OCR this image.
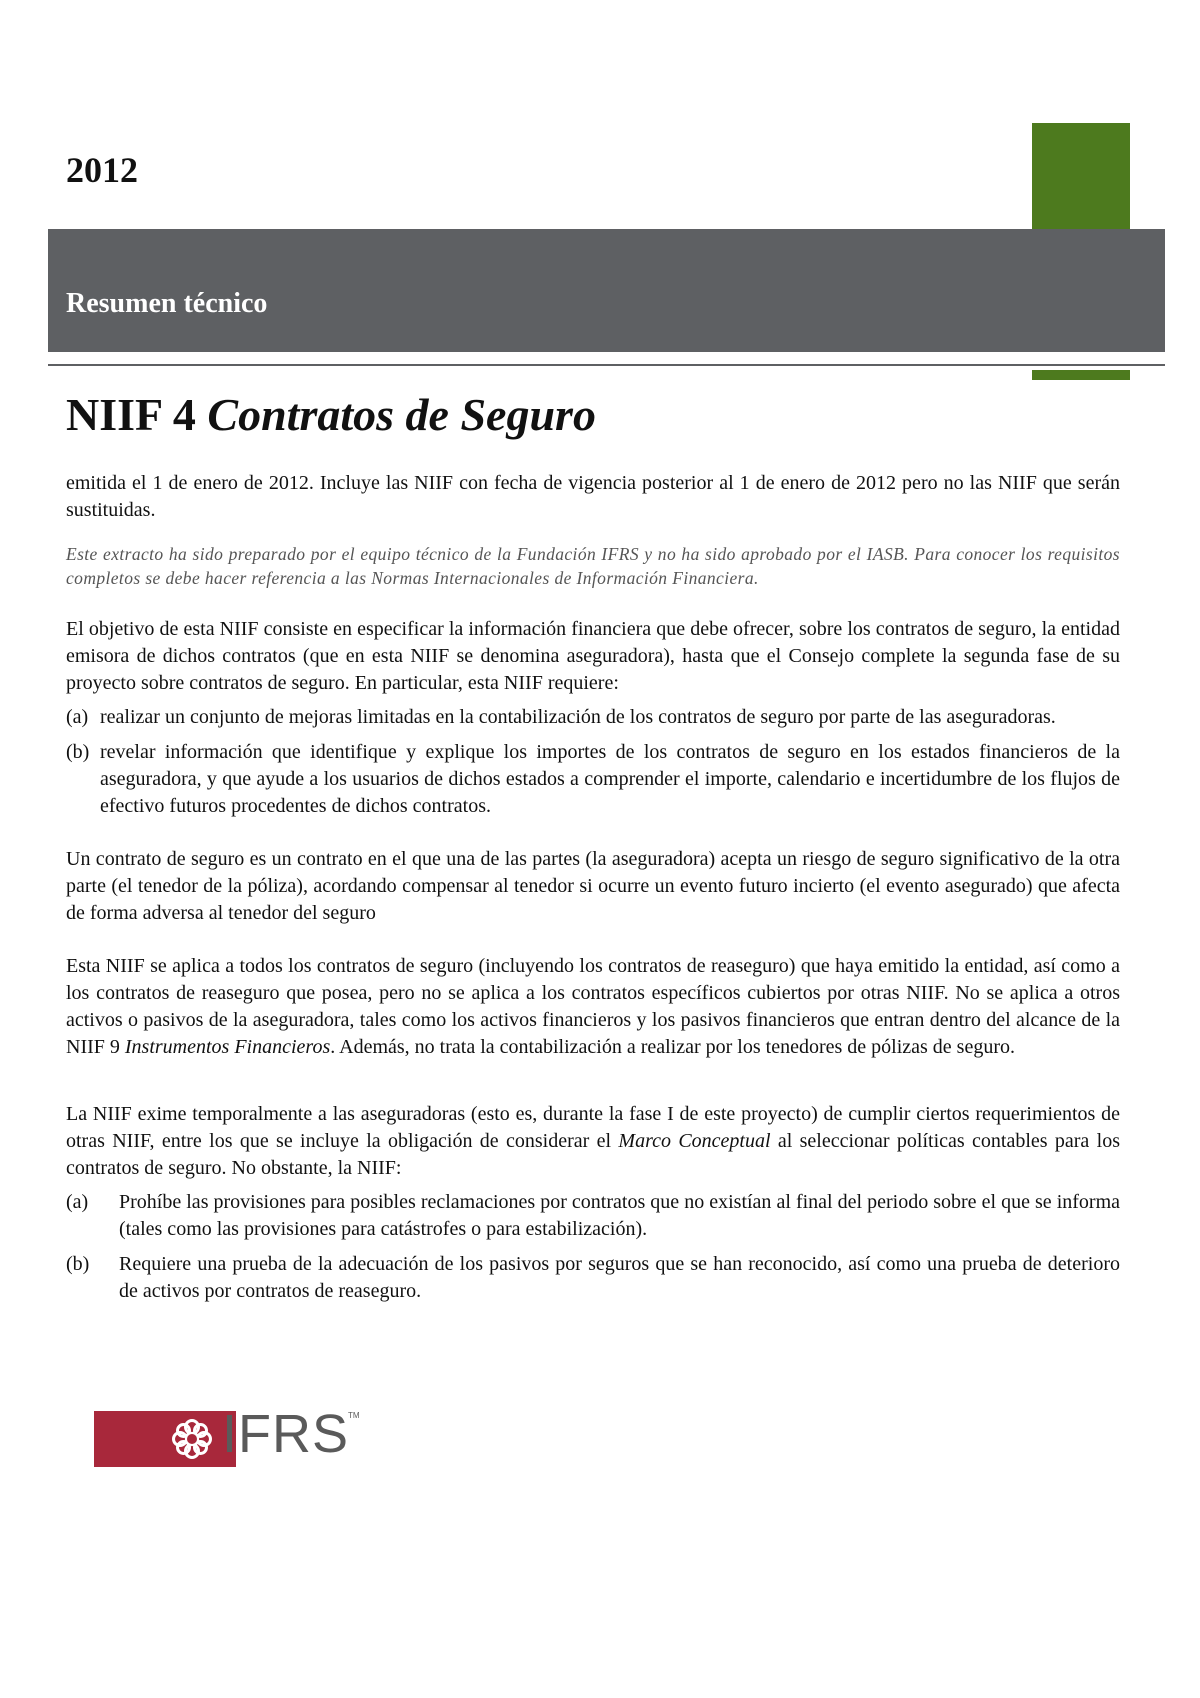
2012
Resumen técnico
NIIF 4 Contratos de Seguro

emitida el 1 de enero de 2012. Incluye las NIIF con fecha de vigencia posterior al 1 de enero de 2012 pero no las NIIF que serán sustituidas.

Este extracto ha sido preparado por el equipo técnico de la Fundación IFRS y no ha sido aprobado por el IASB. Para conocer los requisitos completos se debe hacer referencia a las Normas Internacionales de Información Financiera.

El objetivo de esta NIIF consiste en especificar la información financiera que debe ofrecer, sobre los contratos de seguro, la entidad emisora de dichos contratos (que en esta NIIF se denomina aseguradora), hasta que el Consejo complete la segunda fase de su proyecto sobre contratos de seguro. En particular, esta NIIF requiere:

(a) realizar un conjunto de mejoras limitadas en la contabilización de los contratos de seguro por parte de las aseguradoras.
(b) revelar información que identifique y explique los importes de los contratos de seguro en los estados financieros de la aseguradora, y que ayude a los usuarios de dichos estados a comprender el importe, calendario e incertidumbre de los flujos de efectivo futuros procedentes de dichos contratos.

Un contrato de seguro es un contrato en el que una de las partes (la aseguradora) acepta un riesgo de seguro significativo de la otra parte (el tenedor de la póliza), acordando compensar al tenedor si ocurre un evento futuro incierto (el evento asegurado) que afecta de forma adversa al tenedor del seguro

Esta NIIF se aplica a todos los contratos de seguro (incluyendo los contratos de reaseguro) que haya emitido la entidad, así como a los contratos de reaseguro que posea, pero no se aplica a los contratos específicos cubiertos por otras NIIF. No se aplica a otros activos o pasivos de la aseguradora, tales como los activos financieros y los pasivos financieros que entran dentro del alcance de la NIIF 9 Instrumentos Financieros. Además, no trata la contabilización a realizar por los tenedores de pólizas de seguro.

La NIIF exime temporalmente a las aseguradoras (esto es, durante la fase I de este proyecto) de cumplir ciertos requerimientos de otras NIIF, entre los que se incluye la obligación de considerar el Marco Conceptual al seleccionar políticas contables para los contratos de seguro. No obstante, la NIIF:

(a)	Prohíbe las provisiones para posibles reclamaciones por contratos que no existían al final del periodo sobre el que se informa (tales como las provisiones para catástrofes o para estabilización).
(b)	Requiere una prueba de la adecuación de los pasivos por seguros que se han reconocido, así como una prueba de deterioro de activos por contratos de reaseguro.
IFRS
TM
